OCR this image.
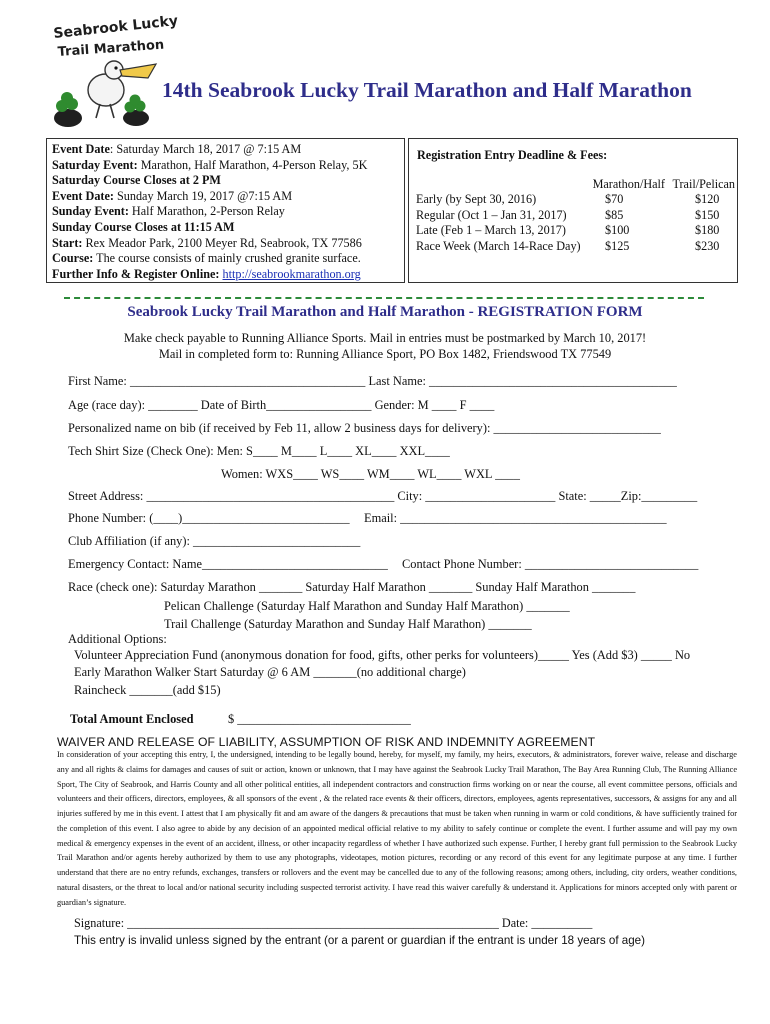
Seabrook Lucky
Trail Marathon
14th Seabrook Lucky Trail Marathon and Half Marathon
Event Date: Saturday March 18, 2017 @ 7:15 AM
Saturday Event: Marathon, Half Marathon, 4-Person Relay, 5K
Saturday Course Closes at 2 PM
Event Date: Sunday March 19, 2017 @7:15 AM
Sunday Event: Half Marathon, 2-Person Relay
Sunday Course Closes at 11:15 AM
Start: Rex Meador Park, 2100 Meyer Rd, Seabrook, TX 77586
Course: The course consists of mainly crushed granite surface.
Further Info & Register Online: http://seabrookmarathon.org
Registration Entry Deadline & Fees:
	Marathon/Half	Trail/Pelican
Early (by Sept 30, 2016)	$70	$120
Regular (Oct 1 – Jan 31, 2017)	$85	$150
Late (Feb 1 – March 13, 2017)	$100	$180
Race Week (March 14-Race Day)	$125	$230
Seabrook Lucky Trail Marathon and Half Marathon - REGISTRATION FORM
Make check payable to Running Alliance Sports. Mail in entries must be postmarked by March 10, 2017!
Mail in completed form to: Running Alliance Sport, PO Box 1482, Friendswood TX 77549
First Name: ______________________________________ Last Name: ________________________________________
Age (race day): ________ Date of Birth_________________ Gender: M ____ F ____
Personalized name on bib (if received by Feb 11, allow 2 business days for delivery): ___________________________
Tech Shirt Size (Check One): Men: S____ M____ L____ XL____ XXL____
Women: WXS____ WS____ WM____ WL____ WXL ____
Street Address: ________________________________________ City: _____________________ State: _____Zip:_________
Phone Number: (____)___________________________ Email: ___________________________________________
Club Affiliation (if any): ___________________________
Emergency Contact: Name______________________________ Contact Phone Number: ____________________________
Race (check one): Saturday Marathon _______ Saturday Half Marathon _______ Sunday Half Marathon _______
Pelican Challenge (Saturday Half Marathon and Sunday Half Marathon) _______
Trail Challenge (Saturday Marathon and Sunday Half Marathon) _______
Additional Options:
Volunteer Appreciation Fund (anonymous donation for food, gifts, other perks for volunteers)_____ Yes (Add $3) _____ No
Early Marathon Walker Start Saturday @ 6 AM _______(no additional charge)
Raincheck _______(add $15)
Total Amount Enclosed	$ ____________________________
WAIVER AND RELEASE OF LIABILITY, ASSUMPTION OF RISK AND INDEMNITY AGREEMENT

In consideration of your accepting this entry, I, the undersigned, intending to be legally bound, hereby, for myself, my family, my heirs, executors, & administrators, forever waive, release and discharge any and all rights & claims for damages and causes of suit or action, known or unknown, that I may have against the Seabrook Lucky Trail Marathon, The Bay Area Running Club, The Running Alliance Sport, The City of Seabrook, and Harris County and all other political entities, all independent contractors and construction firms working on or near the course, all event committee persons, officials and volunteers and their officers, directors, employees, & all sponsors of the event , & the related race events & their officers, directors, employees, agents representatives, successors, & assigns for any and all injuries suffered by me in this event. I attest that I am physically fit and am aware of the dangers & precautions that must be taken when running in warm or cold conditions, & have sufficiently trained for the completion of this event. I also agree to abide by any decision of an appointed medical official relative to my ability to safely continue or complete the event. I further assume and will pay my own medical & emergency expenses in the event of an accident, illness, or other incapacity regardless of whether I have authorized such expense. Further, I hereby grant full permission to the Seabrook Lucky Trail Marathon and/or agents hereby authorized by them to use any photographs, videotapes, motion pictures, recording or any record of this event for any legitimate purpose at any time. I further understand that there are no entry refunds, exchanges, transfers or rollovers and the event may be cancelled due to any of the following reasons; among others, including, city orders, weather conditions, natural disasters, or the threat to local and/or national security including suspected terrorist activity. I have read this waiver carefully & understand it. Applications for minors accepted only with parent or guardian’s signature.

Signature: _____________________________________________________________ Date: __________
This entry is invalid unless signed by the entrant (or a parent or guardian if the entrant is under 18 years of age)
